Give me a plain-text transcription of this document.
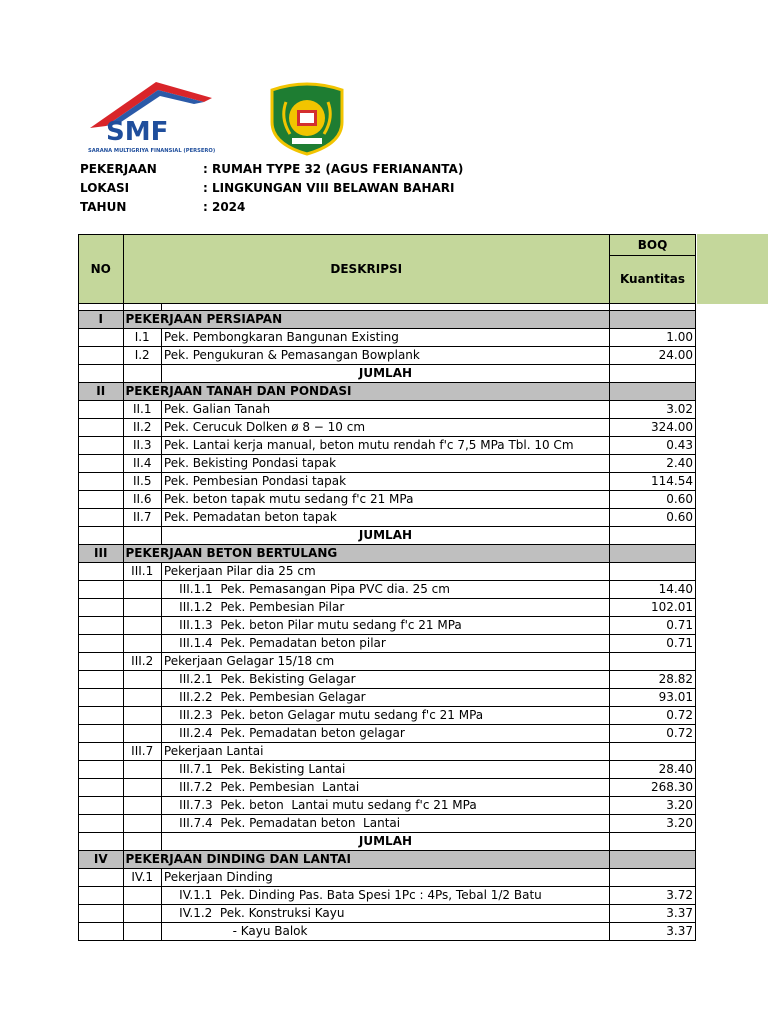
SMF
SARANA MULTIGRIYA FINANSIAL (PERSERO)
PEKERJAAN	: RUMAH TYPE 32 (AGUS FERIANANTA)
LOKASI	: LINGKUNGAN VIII BELAWAN BAHARI
TAHUN	: 2024
NO	DESKRIPSI		BOQ
			Kuantitas

I	PEKERJAAN PERSIAPAN		
	I.1	Pek. Pembongkaran Bangunan Existing	1.00
	I.2	Pek. Pengukuran & Pemasangan Bowplank	24.00
		JUMLAH	
II	PEKERJAAN TANAH DAN PONDASI		
	II.1	Pek. Galian Tanah	3.02
	II.2	Pek. Cerucuk Dolken ø 8 − 10 cm	324.00
	II.3	Pek. Lantai kerja manual, beton mutu rendah f'c 7,5 MPa Tbl. 10 Cm	0.43
	II.4	Pek. Bekisting Pondasi tapak	2.40
	II.5	Pek. Pembesian Pondasi tapak	114.54
	II.6	Pek. beton tapak mutu sedang f'c 21 MPa	0.60
	II.7	Pek. Pemadatan beton tapak	0.60
		JUMLAH	
III	PEKERJAAN BETON BERTULANG		
	III.1	Pekerjaan Pilar dia 25 cm	
		III.1.1  Pek. Pemasangan Pipa PVC dia. 25 cm	14.40
		III.1.2  Pek. Pembesian Pilar	102.01
		III.1.3  Pek. beton Pilar mutu sedang f'c 21 MPa	0.71
		III.1.4  Pek. Pemadatan beton pilar	0.71
	III.2	Pekerjaan Gelagar 15/18 cm	
		III.2.1  Pek. Bekisting Gelagar	28.82
		III.2.2  Pek. Pembesian Gelagar	93.01
		III.2.3  Pek. beton Gelagar mutu sedang f'c 21 MPa	0.72
		III.2.4  Pek. Pemadatan beton gelagar	0.72
	III.7	Pekerjaan Lantai	
		III.7.1  Pek. Bekisting Lantai	28.40
		III.7.2  Pek. Pembesian  Lantai	268.30
		III.7.3  Pek. beton  Lantai mutu sedang f'c 21 MPa	3.20
		III.7.4  Pek. Pemadatan beton  Lantai	3.20
		JUMLAH	
IV	PEKERJAAN DINDING DAN LANTAI		
	IV.1	Pekerjaan Dinding	
		IV.1.1  Pek. Dinding Pas. Bata Spesi 1Pc : 4Ps, Tebal 1/2 Batu	3.72
		IV.1.2  Pek. Konstruksi Kayu	3.37
		- Kayu Balok	3.37
